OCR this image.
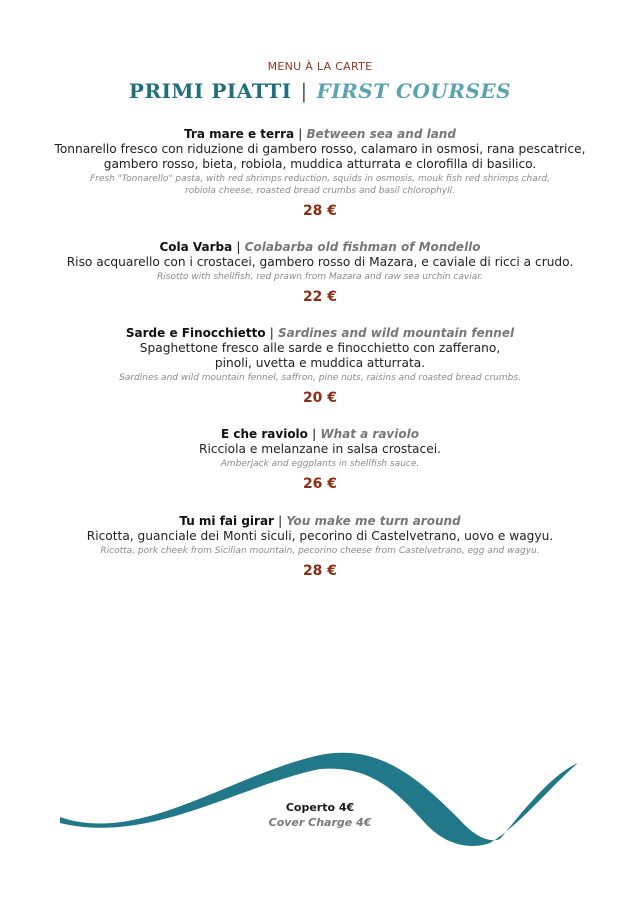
MENU À LA CARTE
PRIMI PIATTI | FIRST COURSES
Tra mare e terra | Between sea and land
Tonnarello fresco con riduzione di gambero rosso, calamaro in osmosi, rana pescatrice,
gambero rosso, bieta, robiola, muddica atturrata e clorofilla di basilico.
Fresh "Tonnarello" pasta, with red shrimps reduction, squids in osmosis, mouk fish red shrimps chard,
robiola cheese, roasted bread crumbs and basil chlorophyll.
28 €
Cola Varba | Colabarba old fishman of Mondello
Riso acquarello con i crostacei, gambero rosso di Mazara, e caviale di ricci a crudo.
Risotto with shellfish, red prawn from Mazara and raw sea urchin caviar.
22 €
Sarde e Finocchietto | Sardines and wild mountain fennel
Spaghettone fresco alle sarde e finocchietto con zafferano,
pinoli, uvetta e muddica atturrata.
Sardines and wild mountain fennel, saffron, pine nuts, raisins and roasted bread crumbs.
20 €
E che raviolo | What a raviolo
Ricciola e melanzane in salsa crostacei.
Amberjack and eggplants in shellfish sauce.
26 €
Tu mi fai girar | You make me turn around
Ricotta, guanciale dei Monti siculi, pecorino di Castelvetrano, uovo e wagyu.
Ricotta, pork cheek from Sicilian mountain, pecorino cheese from Castelvetrano, egg and wagyu.
28 €
Coperto 4€
Cover Charge 4€
